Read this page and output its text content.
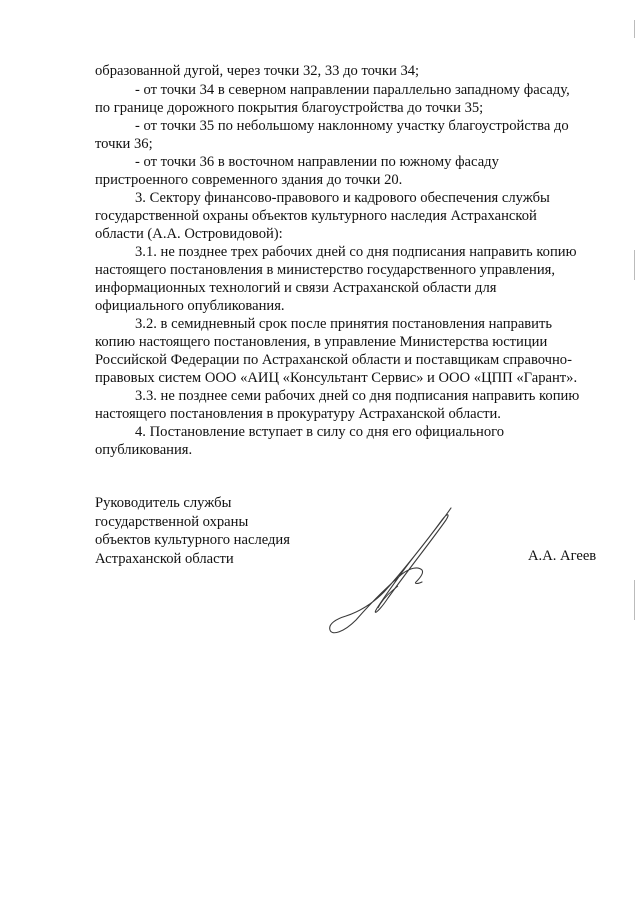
образованной дугой, через точки 32, 33 до точки 34;
- от точки 34 в северном направлении параллельно западному фасаду,
по границе дорожного покрытия благоустройства до точки 35;
- от точки 35 по небольшому наклонному участку благоустройства до
точки 36;
- от точки 36 в восточном направлении по южному фасаду
пристроенного современного здания до точки 20.
3. Сектору финансово-правового и кадрового обеспечения службы
государственной охраны объектов культурного наследия Астраханской
области (А.А. Островидовой):
3.1. не позднее трех рабочих дней со дня подписания направить копию
настоящего постановления в министерство государственного управления,
информационных технологий и связи Астраханской области для
официального опубликования.
3.2. в семидневный срок после принятия постановления направить
копию настоящего постановления, в управление Министерства юстиции
Российской Федерации по Астраханской области и поставщикам справочно-
правовых систем ООО «АИЦ «Консультант Сервис» и ООО «ЦПП «Гарант».
3.3. не позднее семи рабочих дней со дня подписания направить копию
настоящего постановления в прокуратуру Астраханской области.
4. Постановление вступает в силу со дня его официального
опубликования.
Руководитель службы
государственной охраны
объектов культурного наследия
Астраханской области	А.А. Агеев
